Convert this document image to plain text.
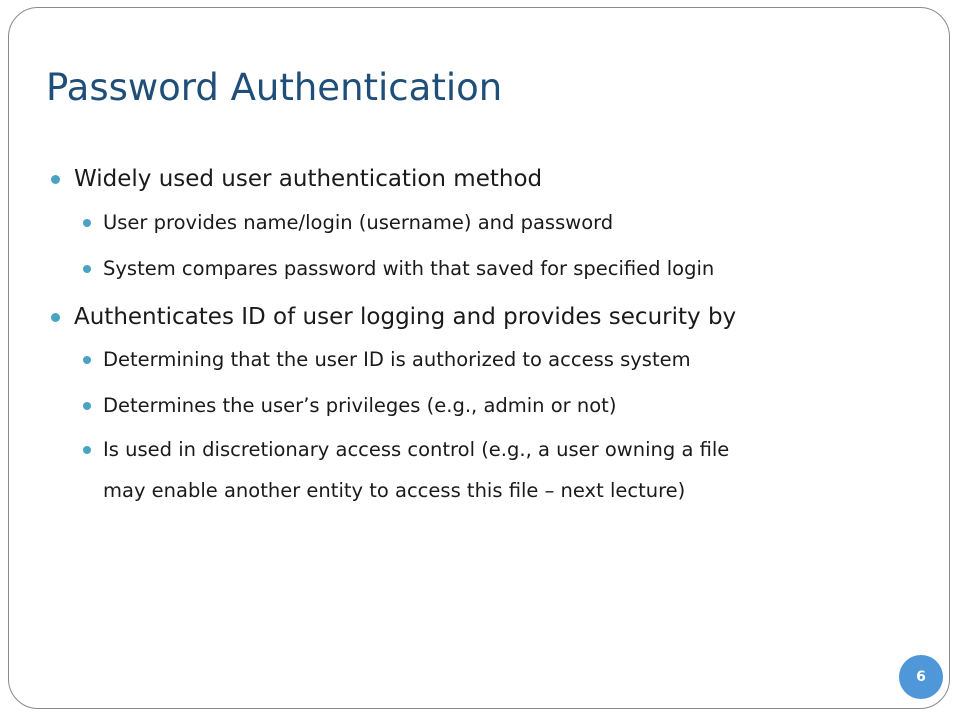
Password Authentication
Widely used user authentication method
User provides name/login (username) and password
System compares password with that saved for specified login
Authenticates ID of user logging and provides security by
Determining that the user ID is authorized to access system
Determines the user’s privileges (e.g., admin or not)
Is used in discretionary access control (e.g., a user owning a file
may enable another entity to access this file – next lecture)
6
